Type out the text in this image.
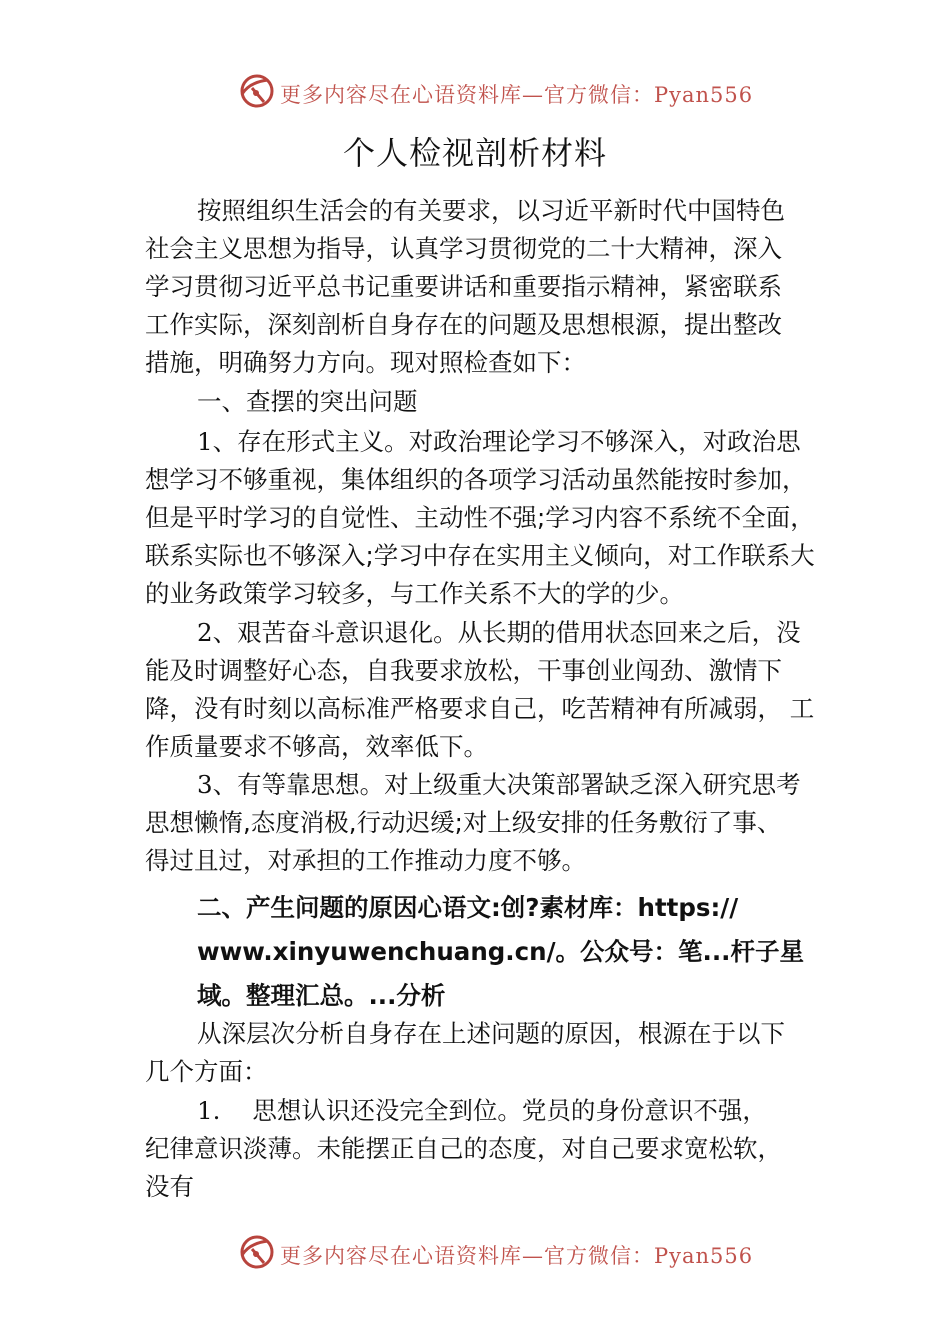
更多内容尽在心语资料库—官方微信：Pyan556
个人检视剖析材料
按照组织生活会的有关要求，以习近平新时代中国特色
社会主义思想为指导，认真学习贯彻党的二十大精神，深入
学习贯彻习近平总书记重要讲话和重要指示精神，紧密联系
工作实际，深刻剖析自身存在的问题及思想根源，提出整改
措施，明确努力方向。现对照检查如下：
一、查摆的突出问题
1、存在形式主义。对政治理论学习不够深入，对政治思
想学习不够重视，集体组织的各项学习活动虽然能按时参加，
但是平时学习的自觉性、主动性不强;学习内容不系统不全面，
联系实际也不够深入;学习中存在实用主义倾向，对工作联系大
的业务政策学习较多，与工作关系不大的学的少。
2、艰苦奋斗意识退化。从长期的借用状态回来之后，没
能及时调整好心态，自我要求放松，干事创业闯劲、激情下
降，没有时刻以高标准严格要求自己，吃苦精神有所减弱， 工
作质量要求不够高，效率低下。
3、有等靠思想。对上级重大决策部署缺乏深入研究思考
思想懒惰,态度消极,行动迟缓;对上级安排的任务敷衍了事、
得过且过，对承担的工作推动力度不够。
二、产生问题的原因心语文:创?素材库：https://
www.xinyuwenchuang.cn/。公众号：笔...杆子星
域。整理汇总。...分析
从深层次分析自身存在上述问题的原因，根源在于以下
几个方面：
1. 思想认识还没完全到位。党员的身份意识不强，
纪律意识淡薄。未能摆正自己的态度，对自己要求宽松软，
没有
更多内容尽在心语资料库—官方微信：Pyan556
